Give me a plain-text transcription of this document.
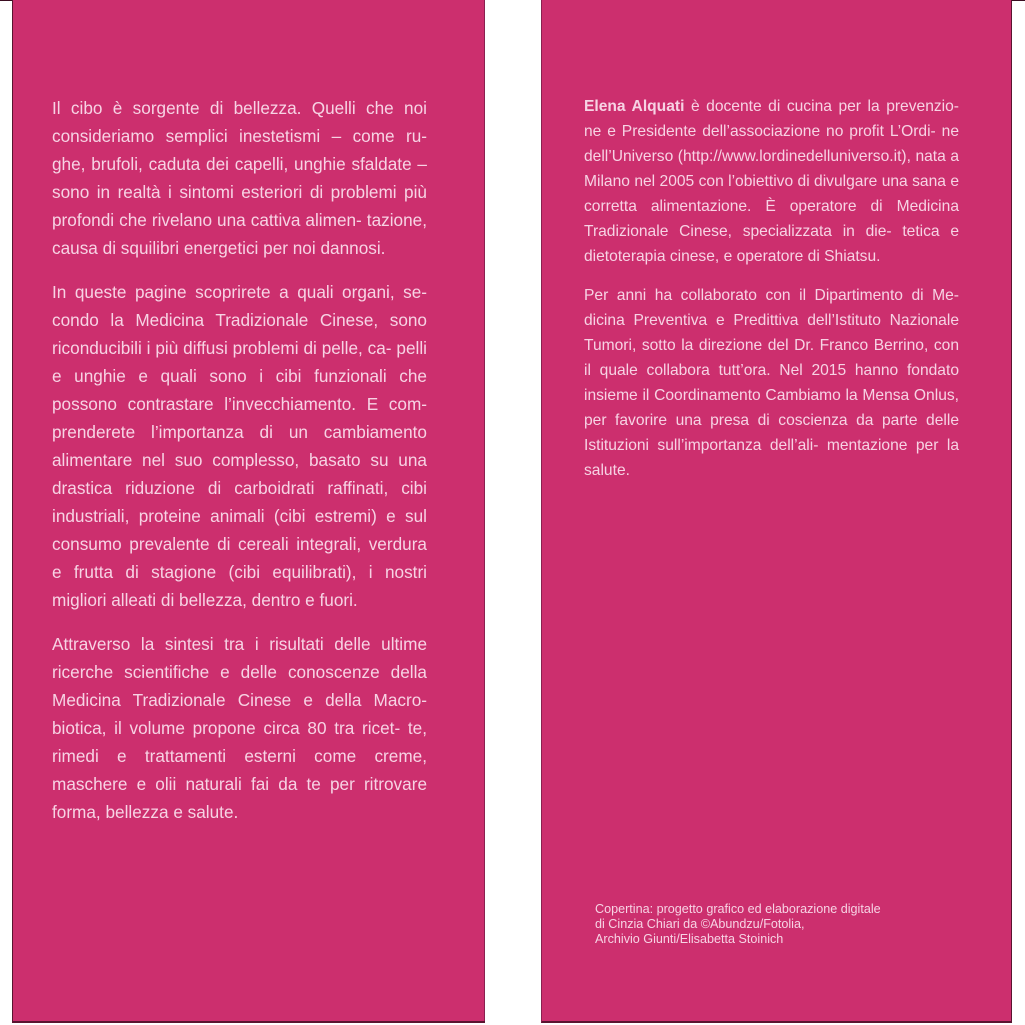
Il cibo è sorgente di bellezza. Quelli che noi consideriamo semplici inestetismi – come ru- ghe, brufoli, caduta dei capelli, unghie sfaldate – sono in realtà i sintomi esteriori di problemi più profondi che rivelano una cattiva alimen- tazione, causa di squilibri energetici per noi dannosi.

In queste pagine scoprirete a quali organi, se- condo la Medicina Tradizionale Cinese, sono riconducibili i più diffusi problemi di pelle, ca- pelli e unghie e quali sono i cibi funzionali che possono contrastare l’invecchiamento. E com- prenderete l’importanza di un cambiamento alimentare nel suo complesso, basato su una drastica riduzione di carboidrati raffinati, cibi industriali, proteine animali (cibi estremi) e sul consumo prevalente di cereali integrali, verdura e frutta di stagione (cibi equilibrati), i nostri migliori alleati di bellezza, dentro e fuori.

Attraverso la sintesi tra i risultati delle ultime ricerche scientifiche e delle conoscenze della Medicina Tradizionale Cinese e della Macro- biotica, il volume propone circa 80 tra ricet- te, rimedi e trattamenti esterni come creme, maschere e olii naturali fai da te per ritrovare forma, bellezza e salute.

Elena Alquati è docente di cucina per la prevenzio- ne e Presidente dell’associazione no profit L’Ordi- ne dell’Universo (http://www.lordinedelluniverso.it), nata a Milano nel 2005 con l’obiettivo di divulgare una sana e corretta alimentazione. È operatore di Medicina Tradizionale Cinese, specializzata in die- tetica e dietoterapia cinese, e operatore di Shiatsu.

Per anni ha collaborato con il Dipartimento di Me- dicina Preventiva e Predittiva dell’Istituto Nazionale Tumori, sotto la direzione del Dr. Franco Berrino, con il quale collabora tutt’ora. Nel 2015 hanno fondato insieme il Coordinamento Cambiamo la Mensa Onlus, per favorire una presa di coscienza da parte delle Istituzioni sull’importanza dell’ali- mentazione per la salute.

Copertina: progetto grafico ed elaborazione digitale
di Cinzia Chiari da ©Abundzu/Fotolia,
Archivio Giunti/Elisabetta Stoinich
